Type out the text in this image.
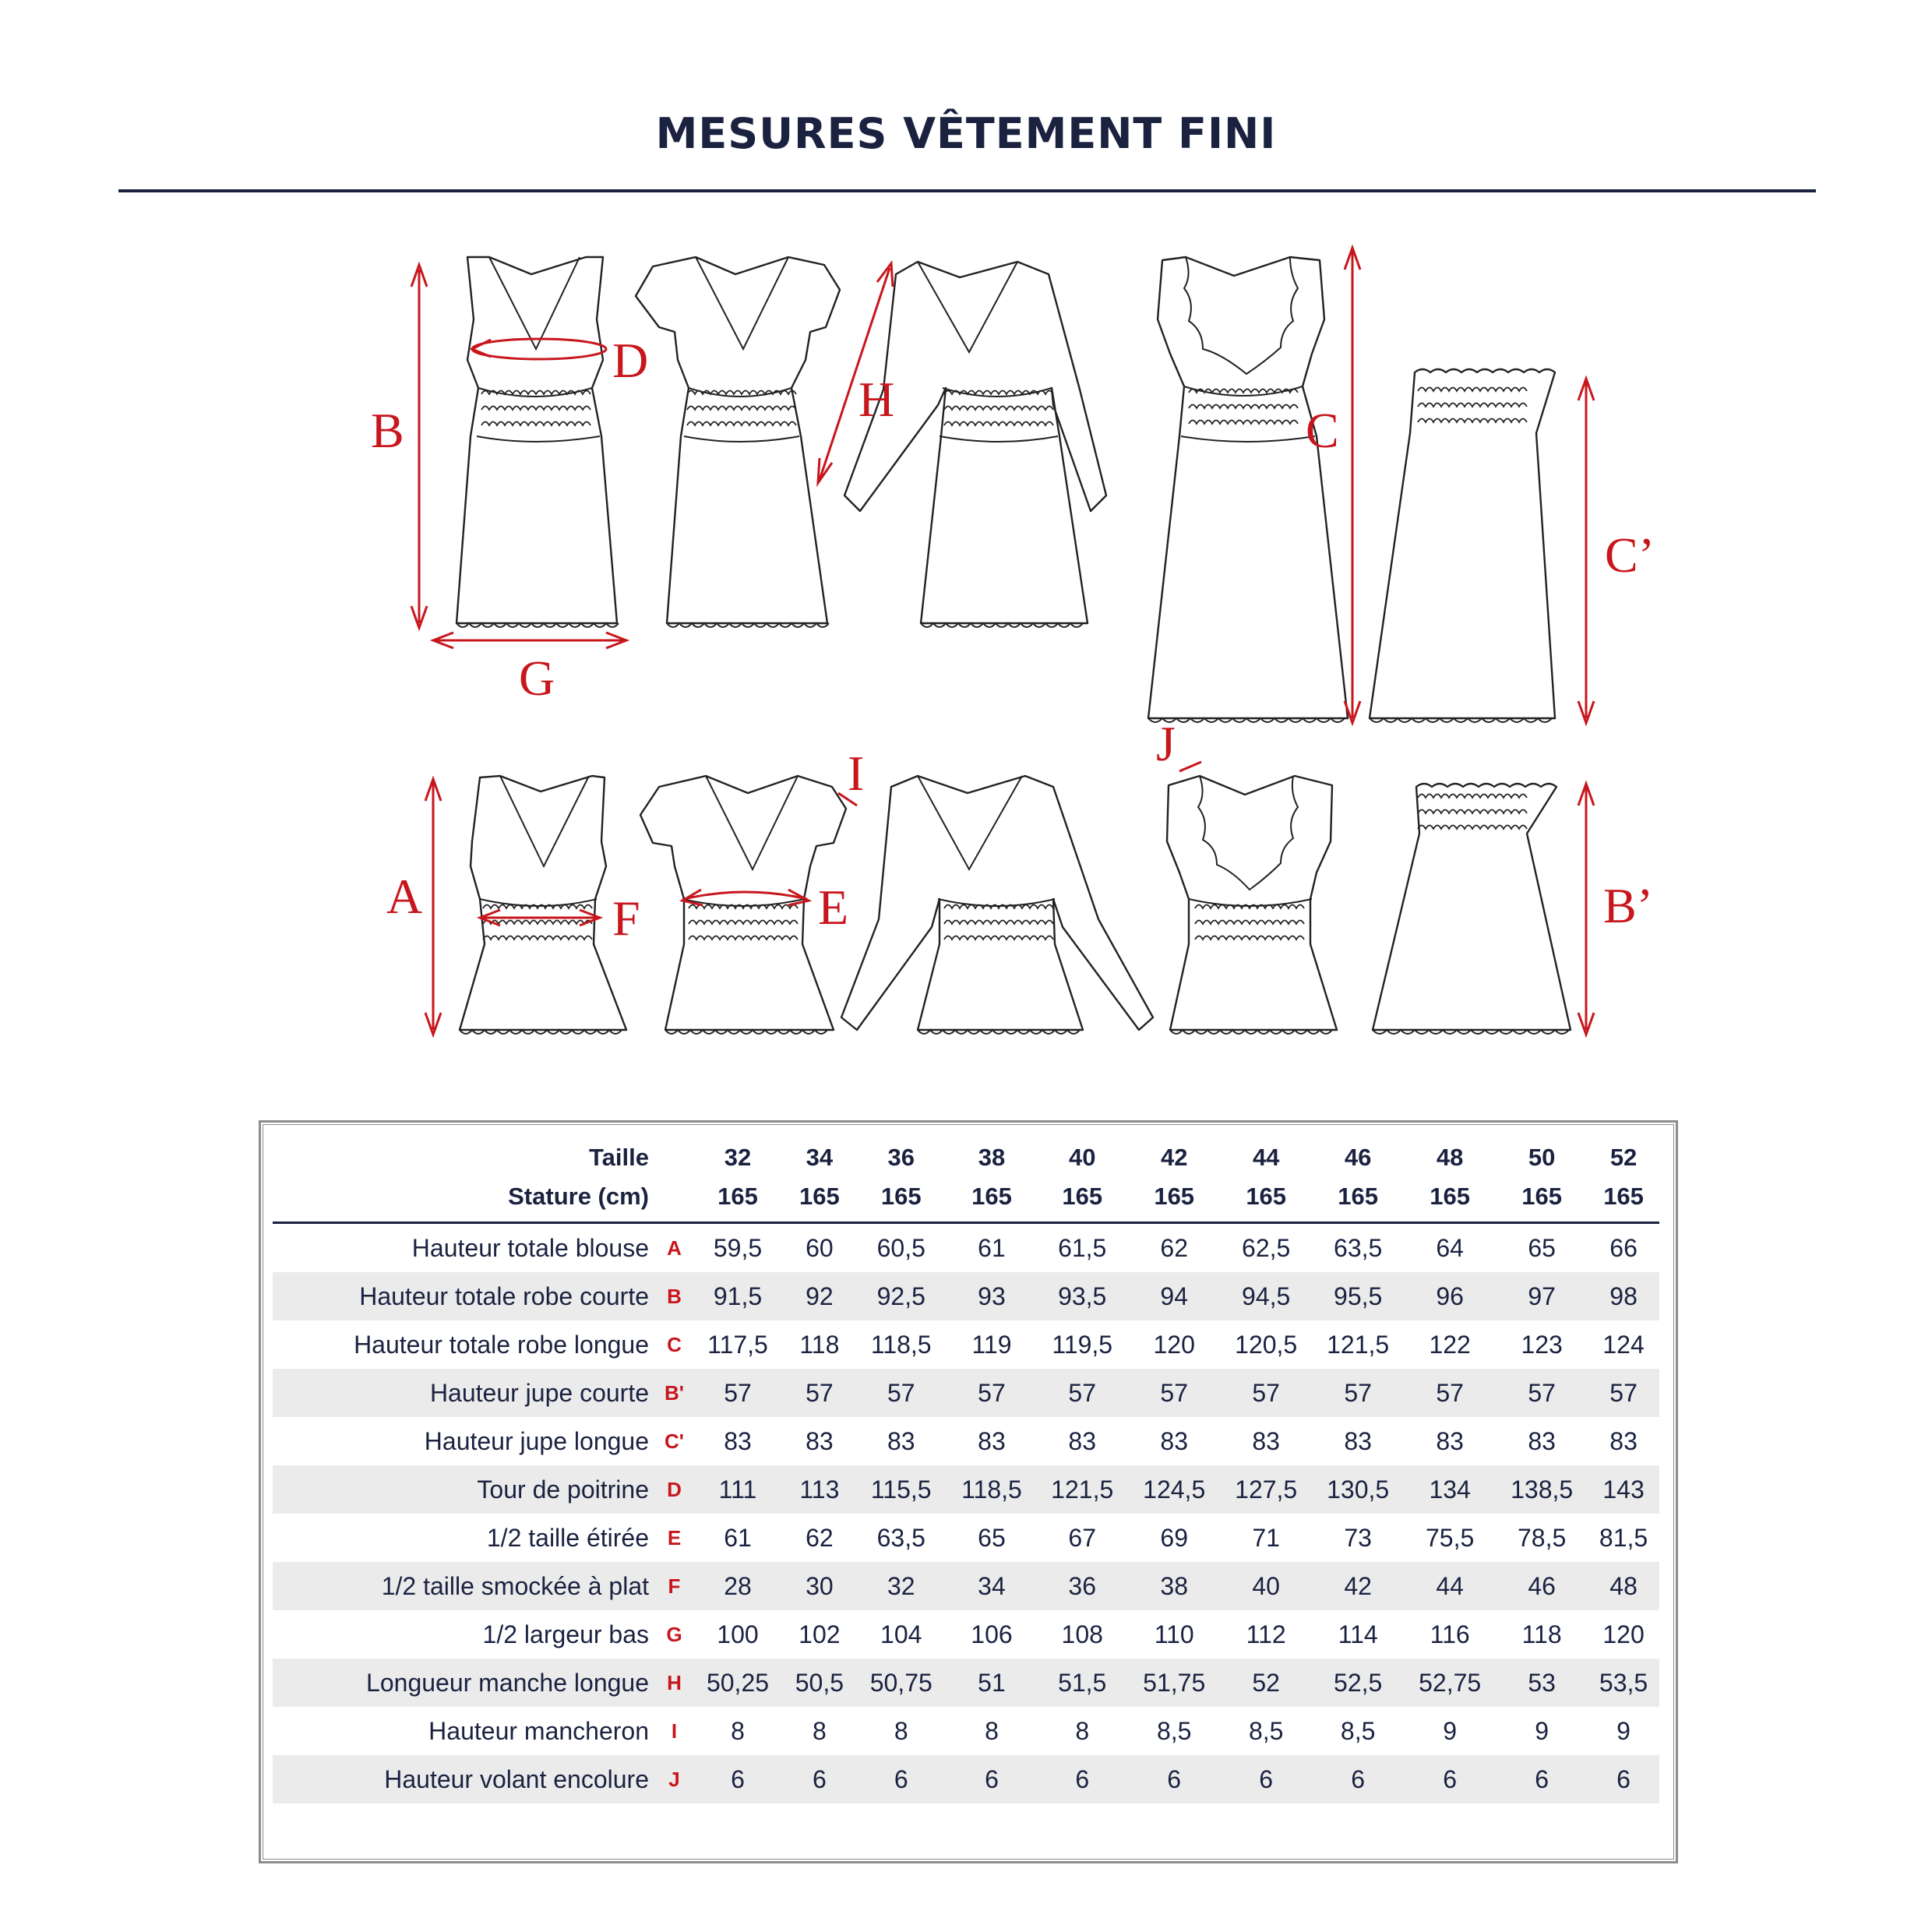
MESURES VÊTEMENT FINI
B
D
G
H
C
C’
A	F	E
I
J
B’
Taille		32	34	36	38	40	42	44	46	48	50	52
Stature (cm)		165	165	165	165	165	165	165	165	165	165	165
Hauteur totale blouse	A	59,5	60	60,5	61	61,5	62	62,5	63,5	64	65	66
Hauteur totale robe courte	B	91,5	92	92,5	93	93,5	94	94,5	95,5	96	97	98
Hauteur totale robe longue	C	117,5	118	118,5	119	119,5	120	120,5	121,5	122	123	124
Hauteur jupe courte	B'	57	57	57	57	57	57	57	57	57	57	57
Hauteur jupe longue	C'	83	83	83	83	83	83	83	83	83	83	83
Tour de poitrine	D	111	113	115,5	118,5	121,5	124,5	127,5	130,5	134	138,5	143
1/2 taille étirée	E	61	62	63,5	65	67	69	71	73	75,5	78,5	81,5
1/2 taille smockée à plat	F	28	30	32	34	36	38	40	42	44	46	48
1/2 largeur bas	G	100	102	104	106	108	110	112	114	116	118	120
Longueur manche longue	H	50,25	50,5	50,75	51	51,5	51,75	52	52,5	52,75	53	53,5
Hauteur mancheron	I	8	8	8	8	8	8,5	8,5	8,5	9	9	9
Hauteur volant encolure	J	6	6	6	6	6	6	6	6	6	6	6
